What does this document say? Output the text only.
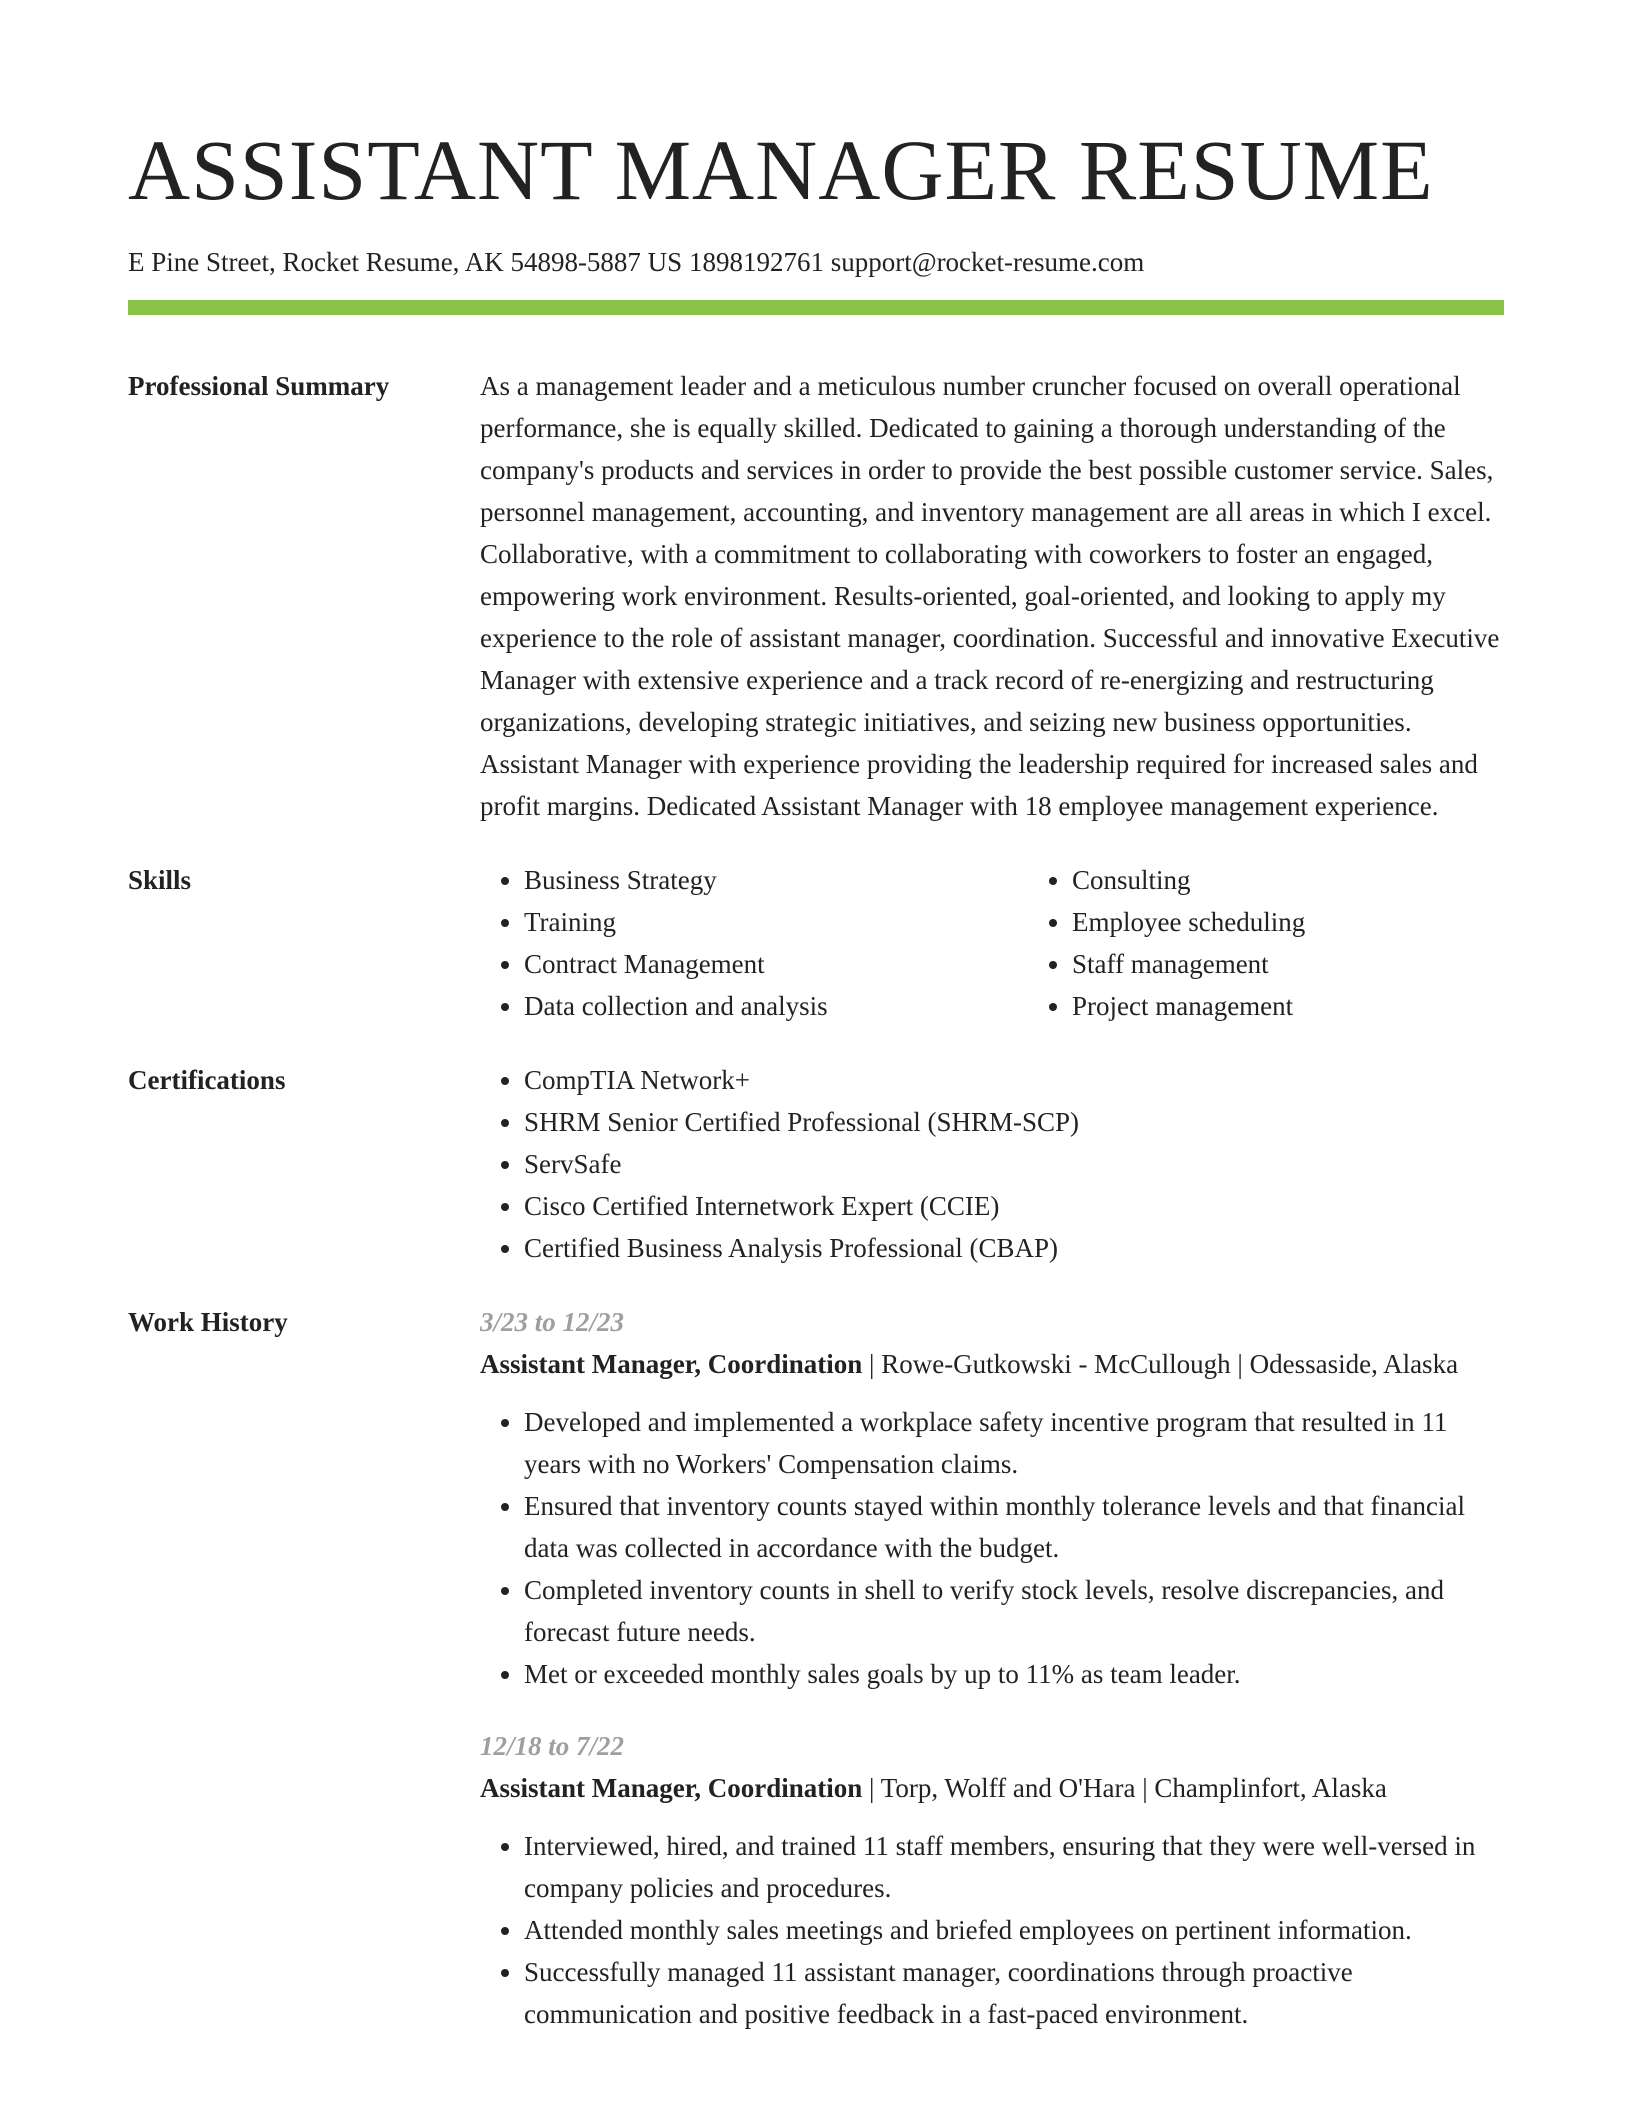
ASSISTANT MANAGER RESUME
E Pine Street, Rocket Resume, AK 54898-5887 US 1898192761 support@rocket-resume.com
Professional Summary	As a management leader and a meticulous number cruncher focused on overall operational performance, she is equally skilled. Dedicated to gaining a thorough understanding of the company's products and services in order to provide the best possible customer service. Sales, personnel management, accounting, and inventory management are all areas in which I excel. Collaborative, with a commitment to collaborating with coworkers to foster an engaged, empowering work environment. Results-oriented, goal-oriented, and looking to apply my experience to the role of assistant manager, coordination. Successful and innovative Executive Manager with extensive experience and a track record of re-energizing and restructuring organizations, developing strategic initiatives, and seizing new business opportunities. Assistant Manager with experience providing the leadership required for increased sales and profit margins. Dedicated Assistant Manager with 18 employee management experience.
Skills	• Business Strategy
• Training
• Contract Management
• Data collection and analysis
• Consulting
• Employee scheduling
• Staff management
• Project management
Certifications	• CompTIA Network+
• SHRM Senior Certified Professional (SHRM-SCP)
• ServSafe
• Cisco Certified Internetwork Expert (CCIE)
• Certified Business Analysis Professional (CBAP)
Work History	3/23 to 12/23
Assistant Manager, Coordination | Rowe-Gutkowski - McCullough | Odessaside, Alaska
• Developed and implemented a workplace safety incentive program that resulted in 11 years with no Workers' Compensation claims.
• Ensured that inventory counts stayed within monthly tolerance levels and that financial data was collected in accordance with the budget.
• Completed inventory counts in shell to verify stock levels, resolve discrepancies, and forecast future needs.
• Met or exceeded monthly sales goals by up to 11% as team leader.
12/18 to 7/22
Assistant Manager, Coordination | Torp, Wolff and O'Hara | Champlinfort, Alaska
• Interviewed, hired, and trained 11 staff members, ensuring that they were well-versed in company policies and procedures.
• Attended monthly sales meetings and briefed employees on pertinent information.
• Successfully managed 11 assistant manager, coordinations through proactive communication and positive feedback in a fast-paced environment.
